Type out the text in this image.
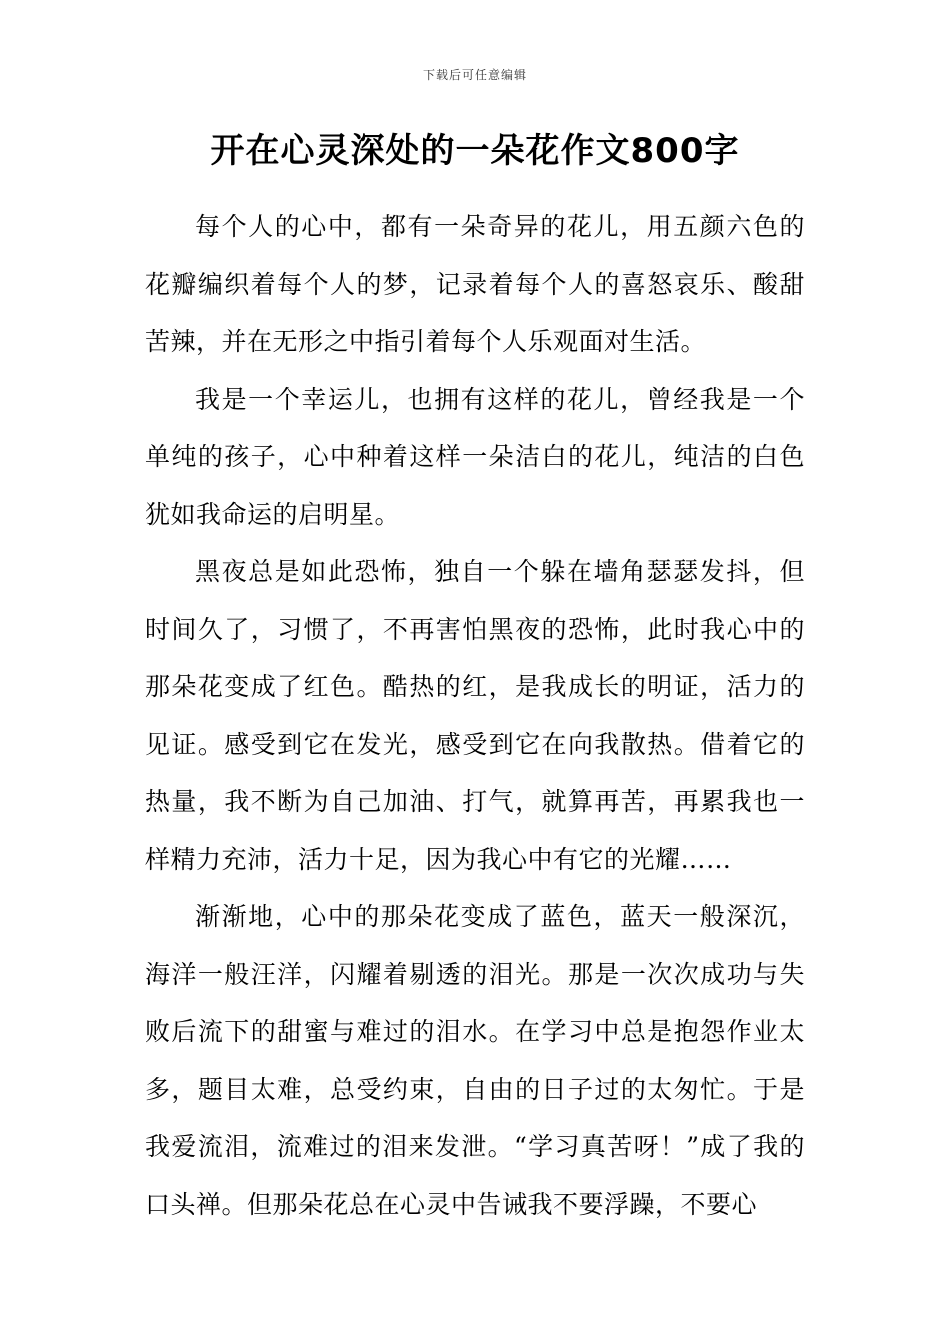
下载后可任意编辑
开在心灵深处的一朵花作文800字

每个人的心中，都有一朵奇异的花儿，用五颜六色的花瓣编织着每个人的梦，记录着每个人的喜怒哀乐、酸甜苦辣，并在无形之中指引着每个人乐观面对生活。

我是一个幸运儿，也拥有这样的花儿，曾经我是一个单纯的孩子，心中种着这样一朵洁白的花儿，纯洁的白色犹如我命运的启明星。

黑夜总是如此恐怖，独自一个躲在墙角瑟瑟发抖，但时间久了，习惯了，不再害怕黑夜的恐怖，此时我心中的那朵花变成了红色。酷热的红，是我成长的明证，活力的见证。感受到它在发光，感受到它在向我散热。借着它的热量，我不断为自己加油、打气，就算再苦，再累我也一样精力充沛，活力十足，因为我心中有它的光耀……

渐渐地，心中的那朵花变成了蓝色，蓝天一般深沉，海洋一般汪洋，闪耀着剔透的泪光。那是一次次成功与失败后流下的甜蜜与难过的泪水。在学习中总是抱怨作业太多，题目太难，总受约束，自由的日子过的太匆忙。于是我爱流泪，流难过的泪来发泄。“学习真苦呀！”成了我的口头禅。但那朵花总在心灵中告诫我不要浮躁，不要心
